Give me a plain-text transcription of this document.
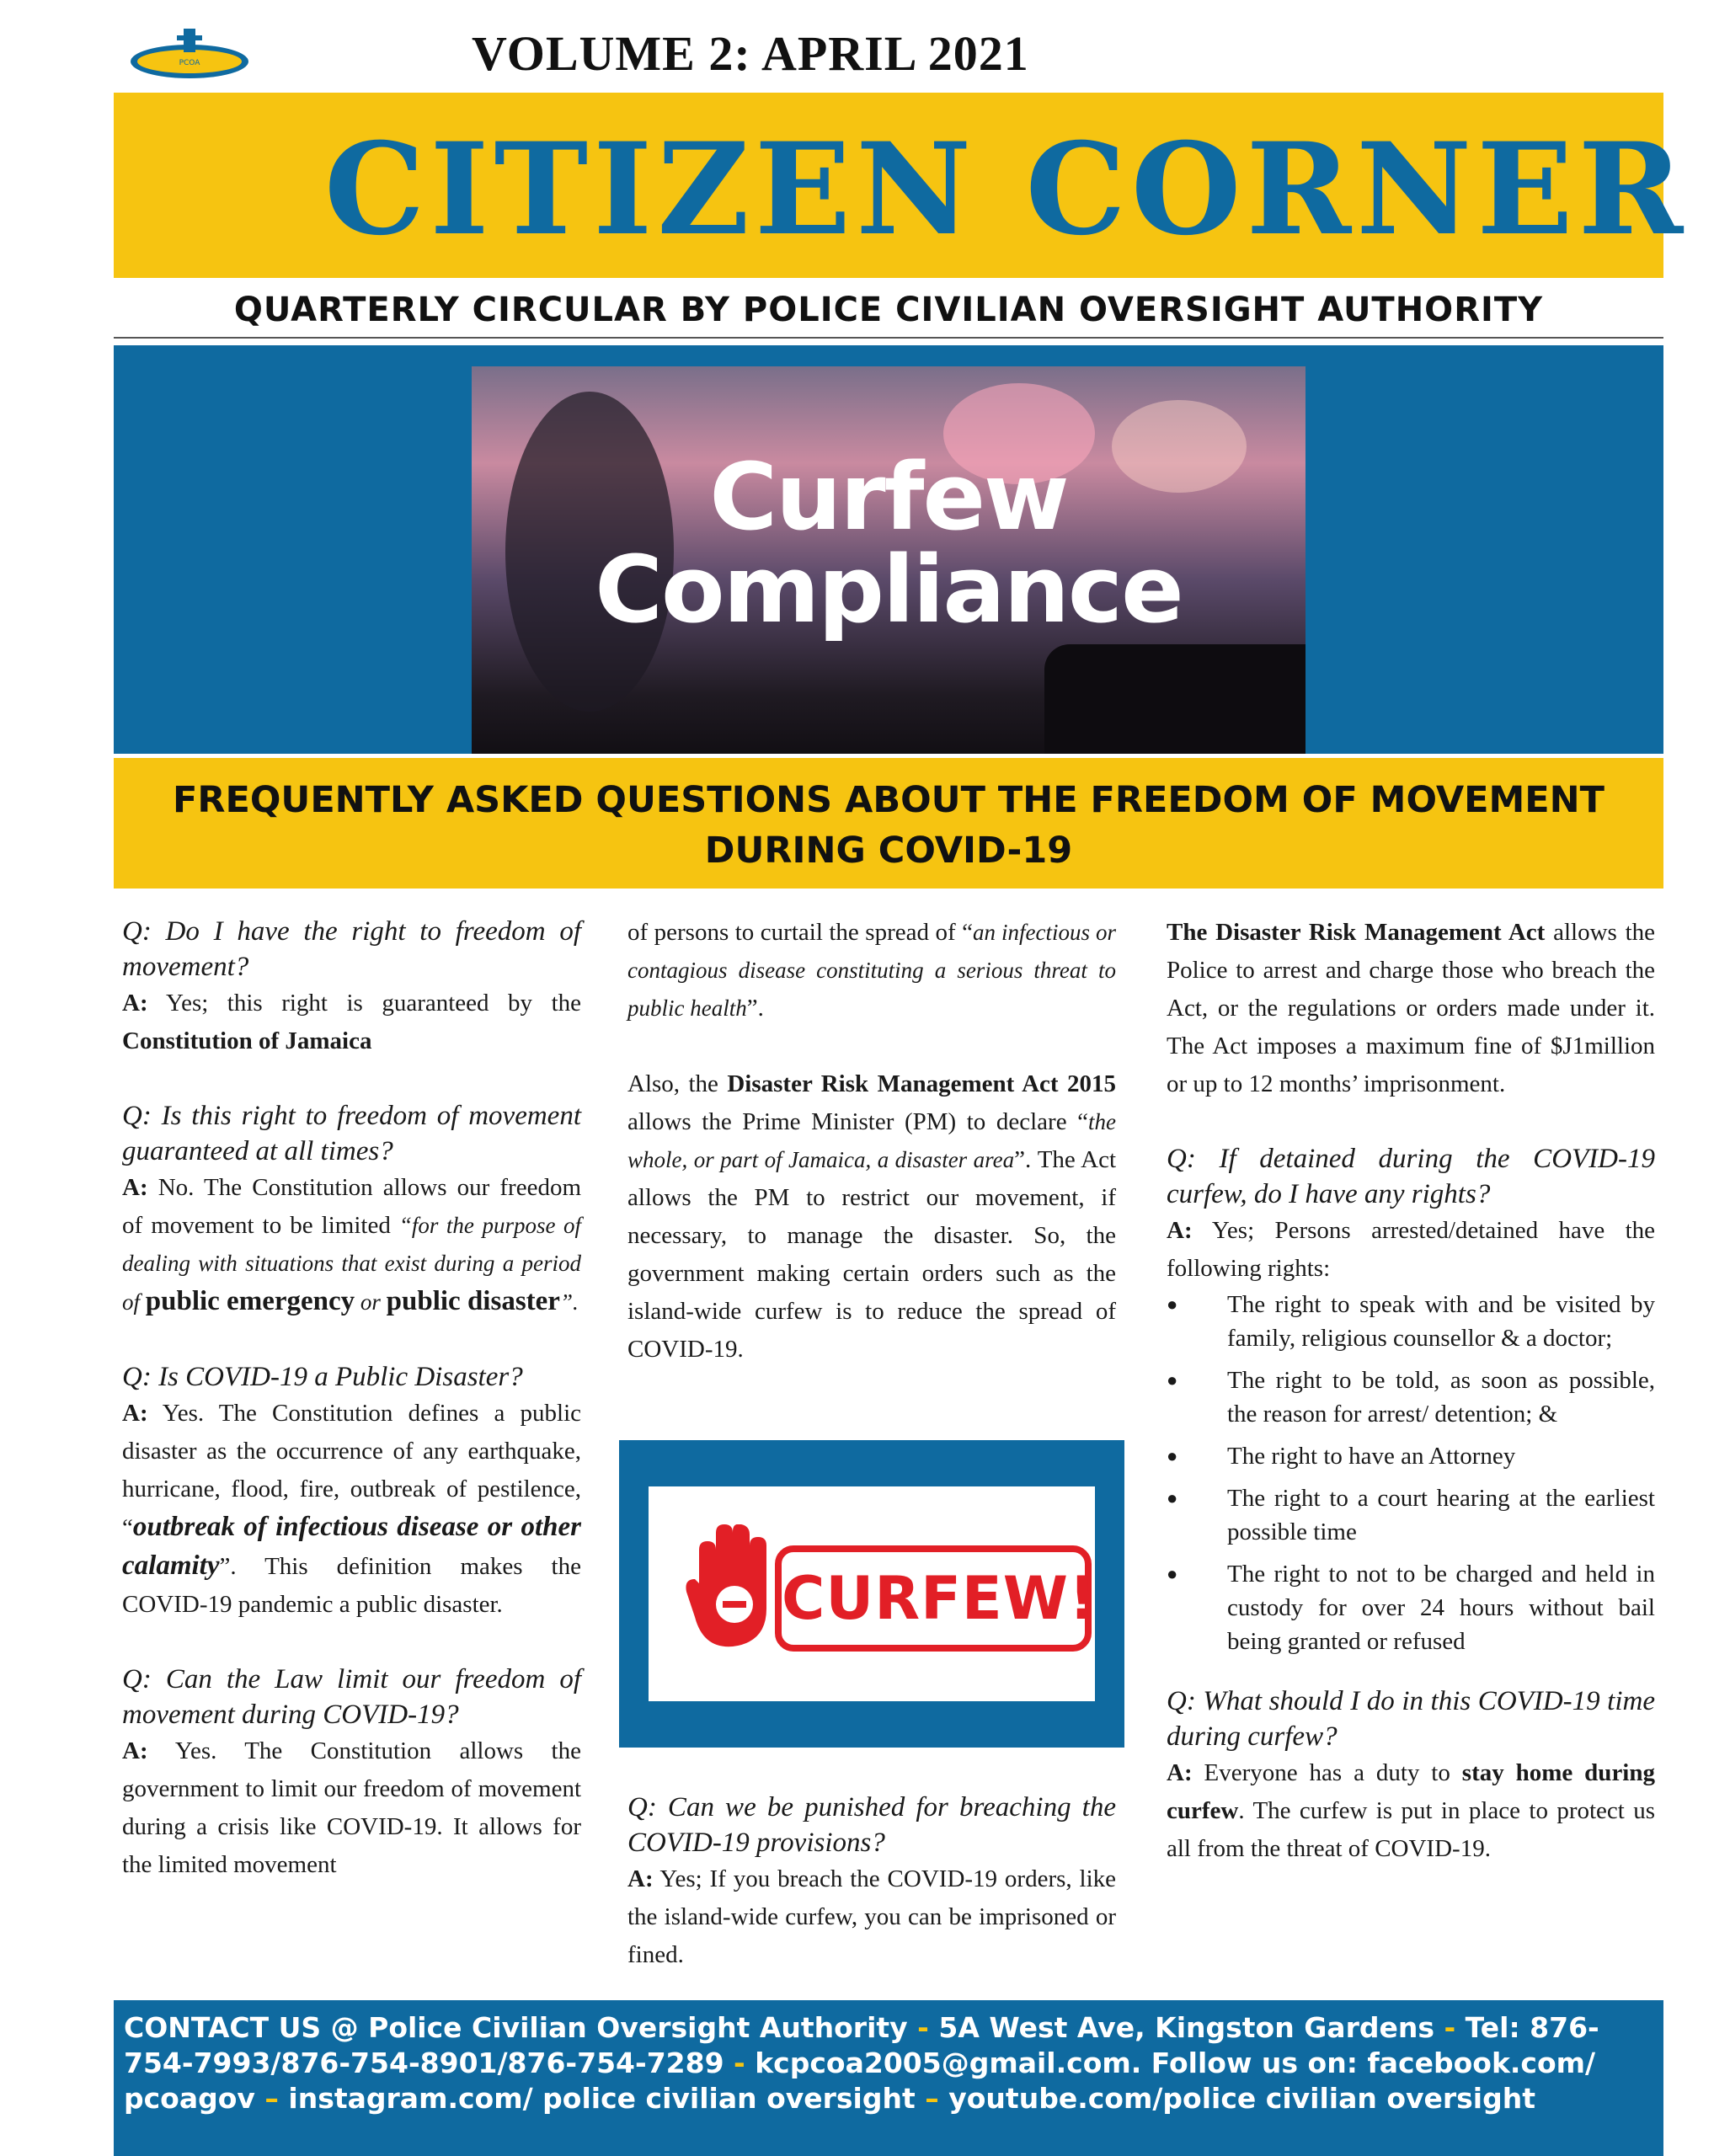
PCOA	VOLUME 2: APRIL 2021
CITIZEN CORNER
QUARTERLY CIRCULAR BY POLICE CIVILIAN OVERSIGHT AUTHORITY
Curfew
Compliance
FREQUENTLY ASKED QUESTIONS ABOUT THE FREEDOM OF MOVEMENT
DURING COVID-19
Q: Do I have the right to freedom of movement?
A: Yes; this right is guaranteed by the Constitution of Jamaica
Q: Is this right to freedom of movement guaranteed at all times?
A: No. The Constitution allows our freedom of movement to be limited “for the purpose of dealing with situations that exist during a period of public emergency or public disaster”.
Q: Is COVID-19 a Public Disaster?
A: Yes. The Constitution defines a public disaster as the occurrence of any earthquake, hurricane, flood, fire, outbreak of pestilence, “outbreak of infectious disease or other calamity”. This definition makes the COVID-19 pandemic a public disaster.
Q: Can the Law limit our freedom of movement during COVID-19?
A: Yes. The Constitution allows the government to limit our freedom of movement during a crisis like COVID-19. It allows for the limited movement
of persons to curtail the spread of “an infectious or contagious disease constituting a serious threat to public health”.
Also, the Disaster Risk Management Act 2015 allows the Prime Minister (PM) to declare “the whole, or part of Jamaica, a disaster area”. The Act allows the PM to restrict our movement, if necessary, to manage the disaster. So, the government making certain orders such as the island-wide curfew is to reduce the spread of COVID-19.
CURFEW!
Q: Can we be punished for breaching the COVID-19 provisions?
A: Yes; If you breach the COVID-19 orders, like the island-wide curfew, you can be imprisoned or fined.
The Disaster Risk Management Act allows the Police to arrest and charge those who breach the Act, or the regulations or orders made under it. The Act imposes a maximum fine of $J1million or up to 12 months’ imprisonment.
Q: If detained during the COVID-19 curfew, do I have any rights?
A: Yes; Persons arrested/detained have the following rights:
● The right to speak with and be visited by family, religious counsellor & a doctor;
● The right to be told, as soon as possible, the reason for arrest/ detention; &
● The right to have an Attorney
● The right to a court hearing at the earliest possible time
● The right to not to be charged and held in custody for over 24 hours without bail being granted or refused
Q: What should I do in this COVID-19 time during curfew?
A: Everyone has a duty to stay home during curfew. The curfew is put in place to protect us all from the threat of COVID-19.
CONTACT US @ Police Civilian Oversight Authority - 5A West Ave, Kingston Gardens - Tel: 876-754-7993/876-754-8901/876-754-7289 - kcpcoa2005@gmail.com. Follow us on: facebook.com/ pcoagov – instagram.com/ police civilian oversight – youtube.com/police civilian oversight
